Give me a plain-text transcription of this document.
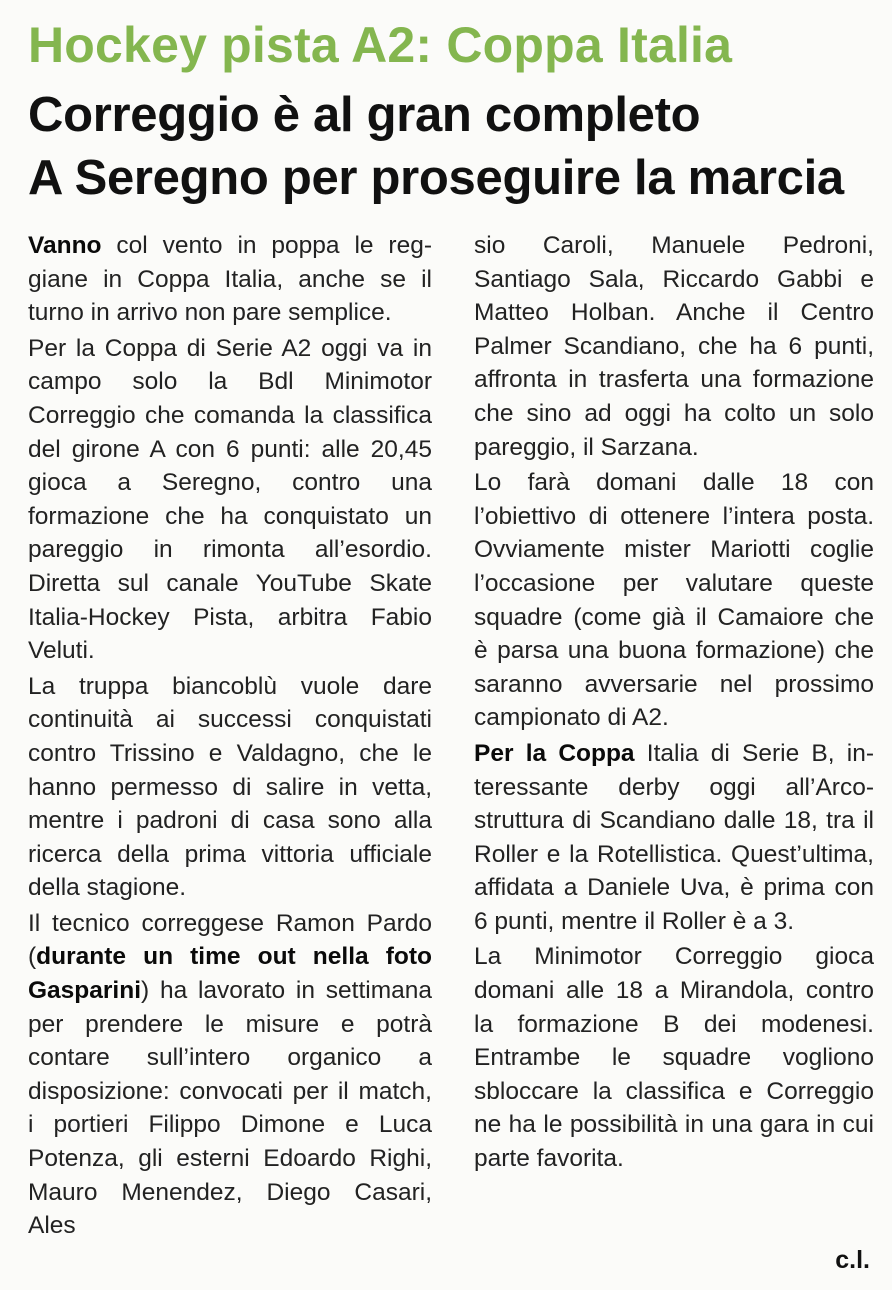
Hockey pista A2: Coppa Italia
Correggio è al gran completo
A Seregno per proseguire la marcia

Vanno col vento in poppa le reggiane in Coppa Italia, anche se il turno in arrivo non pare semplice.

Per la Coppa di Serie A2 oggi va in campo solo la Bdl Minimotor Correggio che comanda la classifica del girone A con 6 punti: alle 20,45 gioca a Seregno, contro una formazione che ha conquistato un pareggio in rimonta all’esordio. Diretta sul canale YouTube Skate Italia-Hockey Pista, arbitra Fabio Veluti.

La truppa biancoblù vuole dare continuità ai successi conquistati contro Trissino e Valdagno, che le hanno permesso di salire in vetta, mentre i padroni di casa sono alla ricerca della prima vittoria ufficiale della stagione.

Il tecnico correggese Ramon Pardo (durante un time out nella foto Gasparini) ha lavorato in settimana per prendere le misure e potrà contare sull’intero organico a disposizione: convocati per il match, i portieri Filippo Dimone e Luca Potenza, gli esterni Edoardo Righi, Mauro Menendez, Diego Casari, Ales

sio Caroli, Manuele Pedroni, Santiago Sala, Riccardo Gabbi e Matteo Holban. Anche il Centro Palmer Scandiano, che ha 6 punti, affronta in trasferta una formazione che sino ad oggi ha colto un solo pareggio, il Sarzana.

Lo farà domani dalle 18 con l’obiettivo di ottenere l’intera posta. Ovviamente mister Mariotti coglie l’occasione per valutare queste squadre (come già il Camaiore che è parsa una buona formazione) che saranno avversarie nel prossimo campionato di A2.

Per la Coppa Italia di Serie B, interessante derby oggi all’Arcostruttura di Scandiano dalle 18, tra il Roller e la Rotellistica. Quest’ultima, affidata a Daniele Uva, è prima con 6 punti, mentre il Roller è a 3.

La Minimotor Correggio gioca domani alle 18 a Mirandola, contro la formazione B dei modenesi. Entrambe le squadre vogliono sbloccare la classifica e Correggio ne ha le possibilità in una gara in cui parte favorita.

c.l.
